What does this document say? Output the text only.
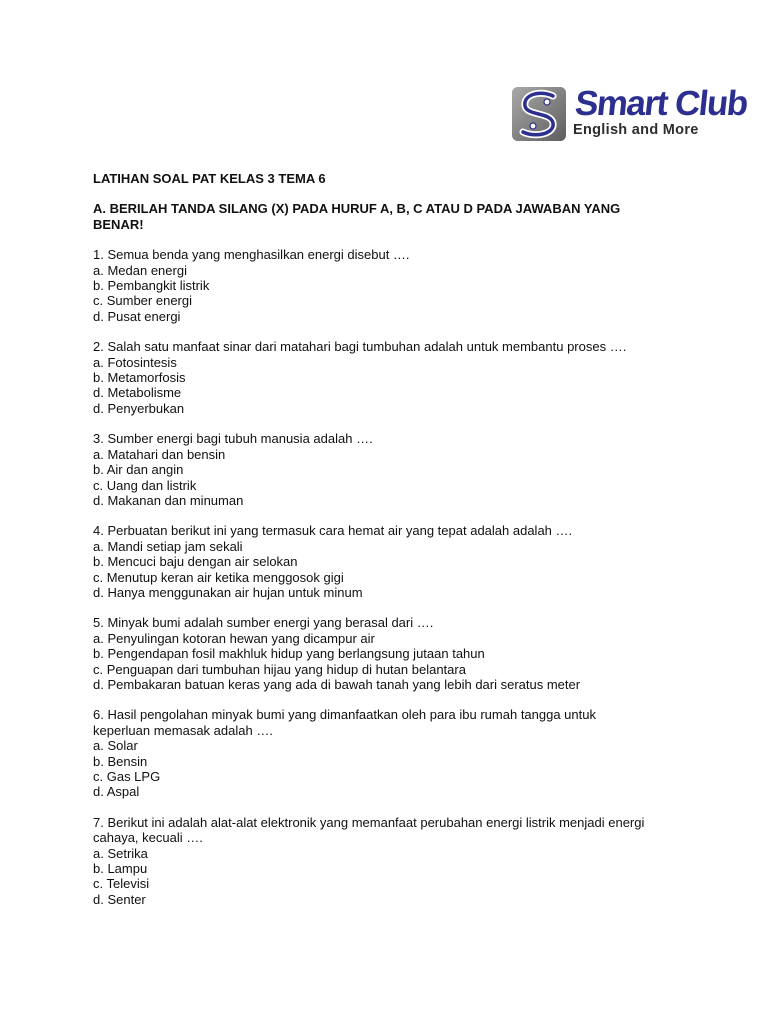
Smart Club
English and More

LATIHAN SOAL PAT KELAS 3 TEMA 6

A. BERILAH TANDA SILANG (X) PADA HURUF A, B, C ATAU D PADA JAWABAN YANG BENAR!

1. Semua benda yang menghasilkan energi disebut ….

a. Medan energi

b. Pembangkit listrik

c. Sumber energi

d. Pusat energi

2. Salah satu manfaat sinar dari matahari bagi tumbuhan adalah untuk membantu proses ….

a. Fotosintesis

b. Metamorfosis

d. Metabolisme

d. Penyerbukan

3. Sumber energi bagi tubuh manusia adalah ….

a. Matahari dan bensin

b. Air dan angin

c. Uang dan listrik

d. Makanan dan minuman

4. Perbuatan berikut ini yang termasuk cara hemat air yang tepat adalah adalah ….

a. Mandi setiap jam sekali

b. Mencuci baju dengan air selokan

c. Menutup keran air ketika menggosok gigi

d. Hanya menggunakan air hujan untuk minum

5. Minyak bumi adalah sumber energi yang berasal dari ….

a. Penyulingan kotoran hewan yang dicampur air

b. Pengendapan fosil makhluk hidup yang berlangsung jutaan tahun

c. Penguapan dari tumbuhan hijau yang hidup di hutan belantara

d. Pembakaran batuan keras yang ada di bawah tanah yang lebih dari seratus meter

6. Hasil pengolahan minyak bumi yang dimanfaatkan oleh para ibu rumah tangga untuk keperluan memasak adalah ….

a. Solar

b. Bensin

c. Gas LPG

d. Aspal

7. Berikut ini adalah alat-alat elektronik yang memanfaat perubahan energi listrik menjadi energi cahaya, kecuali ….

a. Setrika

b. Lampu

c. Televisi

d. Senter
